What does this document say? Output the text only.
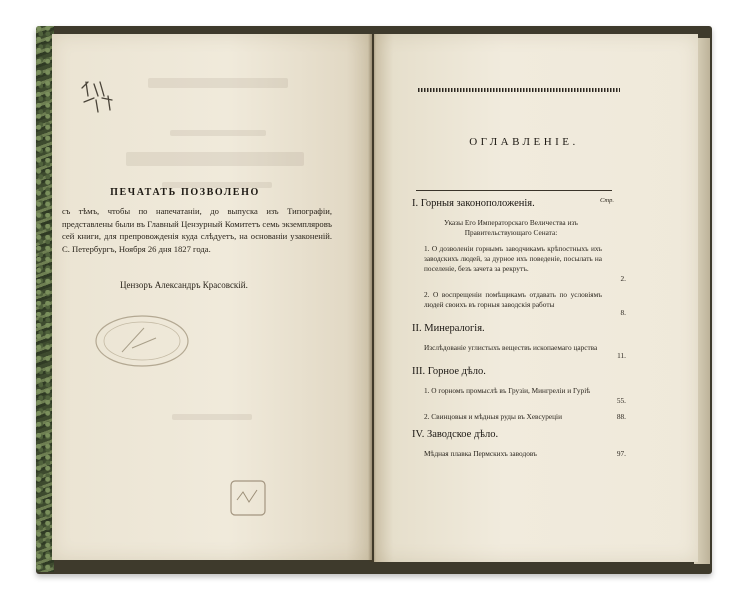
ПЕЧАТАТЬ ПОЗВОЛЕНО
съ тѣмъ, чтобы по напечатаніи, до выпуска изъ Типографіи, представлены были въ Главный Цензурный Комитетъ семь экземпляровъ сей книги, для препровожденія куда слѣдуетъ, на основаніи узаконеній. С. Петербургъ, Ноября 26 дня 1827 года.
Цензоръ Александръ Красовскій.
ОГЛАВЛЕНІЕ.
Стр.
I. Горныя законоположенія.
Указы Его Императорскаго Величества изъ Правительствующаго Сената:
1. О дозволеніи горнымъ заводчикамъ крѣпостныхъ ихъ заводскихъ людей, за дурное ихъ поведеніе, посылать на поселеніе, безъ зачета за рекрутъ.
2.
2. О воспрещеніи помѣщикамъ отдавать по условіямъ людей своихъ въ горныя заводскія работы
8.
II. Минералогія.
Изслѣдованіе углистыхъ веществъ ископаемаго царства
11.
III. Горное дѣло.
1. О горномъ промыслѣ въ Грузіи, Мингреліи и Гуріѣ
55.
2. Свинцовыя и мѣдныя руды въ Хевсуреціи	88.
IV. Заводское дѣло.
Мѣдная плавка Пермскихъ заводовъ	97.
